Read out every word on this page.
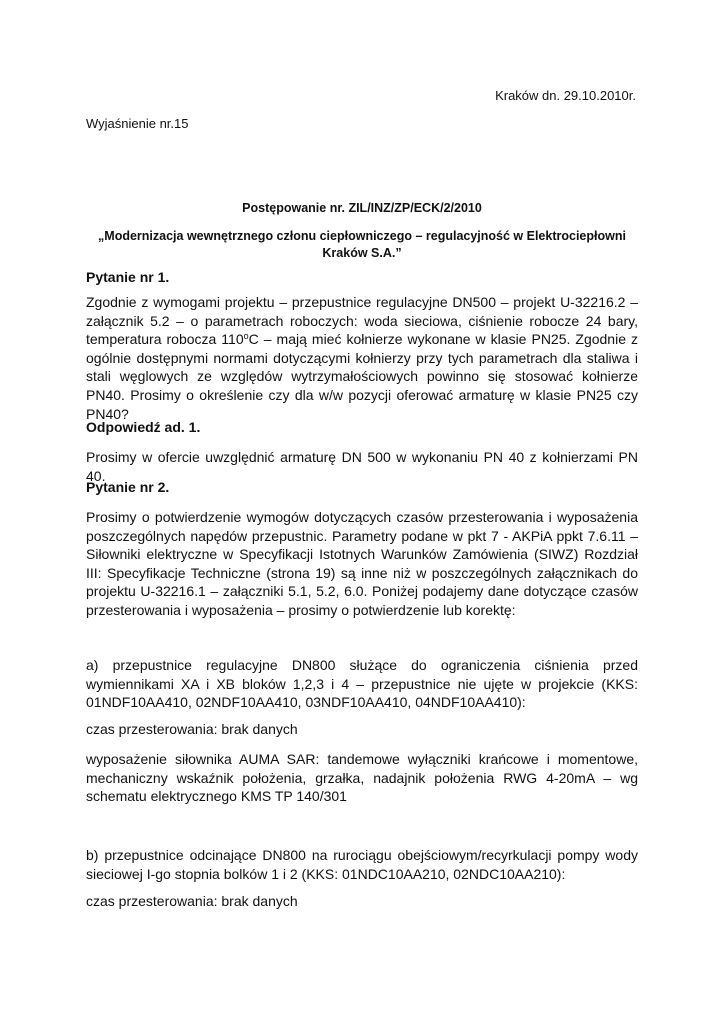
Kraków dn. 29.10.2010r.

Wyjaśnienie nr.15

Postępowanie nr. ZIL/INZ/ZP/ECK/2/2010

„Modernizacja wewnętrznego członu ciepłowniczego – regulacyjność w Elektrociepłowni
Kraków S.A.”

Pytanie nr 1.

Zgodnie z wymogami projektu – przepustnice regulacyjne DN500 – projekt U-32216.2 – załącznik 5.2 – o parametrach roboczych: woda sieciowa, ciśnienie robocze 24 bary, temperatura robocza 110$^o$C – mają mieć kołnierze wykonane w klasie PN25. Zgodnie z ogólnie dostępnymi normami dotyczącymi kołnierzy przy tych parametrach dla staliwa i stali węglowych ze względów wytrzymałościowych powinno się stosować kołnierze PN40. Prosimy o określenie czy dla w/w pozycji oferować armaturę w klasie PN25 czy PN40?

Odpowiedź ad. 1.

Prosimy w ofercie uwzględnić armaturę DN 500 w wykonaniu PN 40 z kołnierzami PN 40.

Pytanie nr 2.

Prosimy o potwierdzenie wymogów dotyczących czasów przesterowania i wyposażenia poszczególnych napędów przepustnic. Parametry podane w pkt 7 - AKPiA ppkt 7.6.11 – Siłowniki elektryczne w Specyfikacji Istotnych Warunków Zamówienia (SIWZ) Rozdział III: Specyfikacje Techniczne (strona 19) są inne niż w poszczególnych załącznikach do projektu U-32216.1 – załączniki 5.1, 5.2, 6.0. Poniżej podajemy dane dotyczące czasów przesterowania i wyposażenia – prosimy o potwierdzenie lub korektę:

a) przepustnice regulacyjne DN800 służące do ograniczenia ciśnienia przed wymiennikami XA i XB bloków 1,2,3 i 4 – przepustnice nie ujęte w projekcie (KKS: 01NDF10AA410, 02NDF10AA410, 03NDF10AA410, 04NDF10AA410):

czas przesterowania: brak danych

wyposażenie siłownika AUMA SAR: tandemowe wyłączniki krańcowe i momentowe, mechaniczny wskaźnik położenia, grzałka, nadajnik położenia RWG 4-20mA – wg schematu elektrycznego KMS TP 140/301

b) przepustnice odcinające DN800 na rurociągu obejściowym/recyrkulacji pompy wody sieciowej I-go stopnia bolków 1 i 2 (KKS: 01NDC10AA210, 02NDC10AA210):

czas przesterowania: brak danych
